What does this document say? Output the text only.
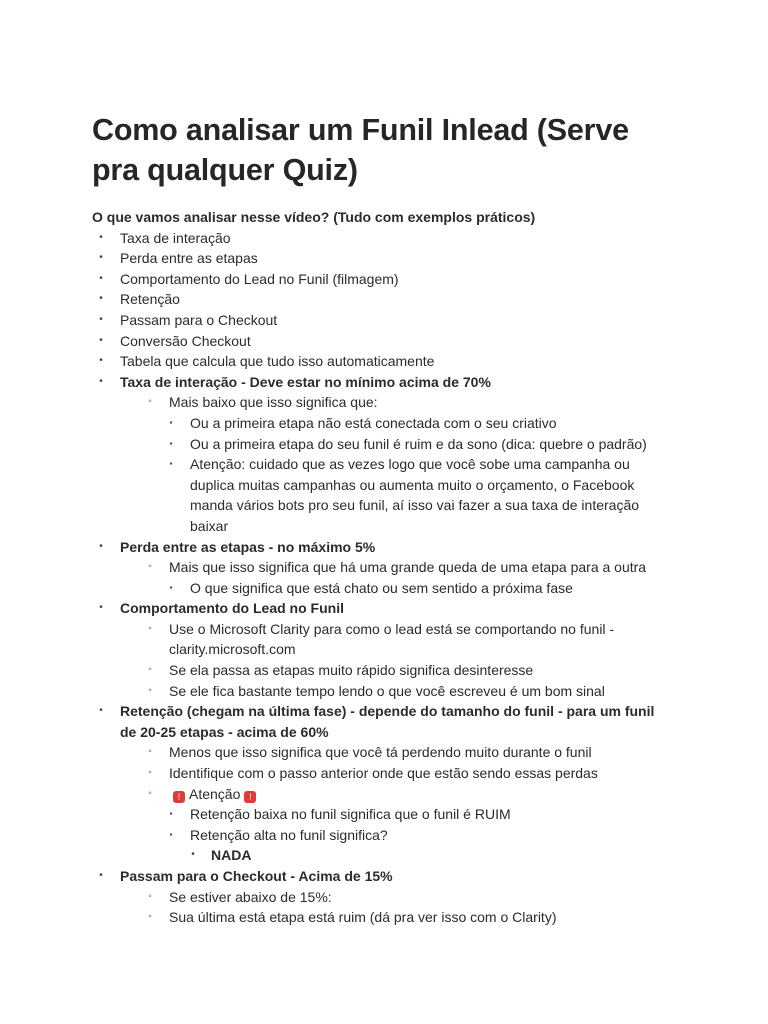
Como analisar um Funil Inlead (Serve pra qualquer Quiz)

O que vamos analisar nesse vídeo? (Tudo com exemplos práticos)

•	Taxa de interação
•	Perda entre as etapas
•	Comportamento do Lead no Funil (filmagem)
•	Retenção
•	Passam para o Checkout
•	Conversão Checkout
•	Tabela que calcula que tudo isso automaticamente
•	Taxa de interação - Deve estar no mínimo acima de 70%
◦	Mais baixo que isso significa que:
▪	Ou a primeira etapa não está conectada com o seu criativo
▪	Ou a primeira etapa do seu funil é ruim e da sono (dica: quebre o padrão)
▪	Atenção: cuidado que as vezes logo que você sobe uma campanha ou duplica muitas campanhas ou aumenta muito o orçamento, o Facebook manda vários bots pro seu funil, aí isso vai fazer a sua taxa de interação baixar
•	Perda entre as etapas - no máximo 5%
◦	Mais que isso significa que há uma grande queda de uma etapa para a outra
▪	O que significa que está chato ou sem sentido a próxima fase
•	Comportamento do Lead no Funil
◦	Use o Microsoft Clarity para como o lead está se comportando no funil - clarity.microsoft.com
◦	Se ela passa as etapas muito rápido significa desinteresse
◦	Se ele fica bastante tempo lendo o que você escreveu é um bom sinal
•	Retenção (chegam na última fase) - depende do tamanho do funil - para um funil de 20-25 etapas - acima de 60%
◦	Menos que isso significa que você tá perdendo muito durante o funil
◦	Identifique com o passo anterior onde que estão sendo essas perdas
◦	! Atenção !
▪	Retenção baixa no funil significa que o funil é RUIM
▪	Retenção alta no funil significa?
•	NADA
•	Passam para o Checkout - Acima de 15%
◦	Se estiver abaixo de 15%:
◦	Sua última está etapa está ruim (dá pra ver isso com o Clarity)
